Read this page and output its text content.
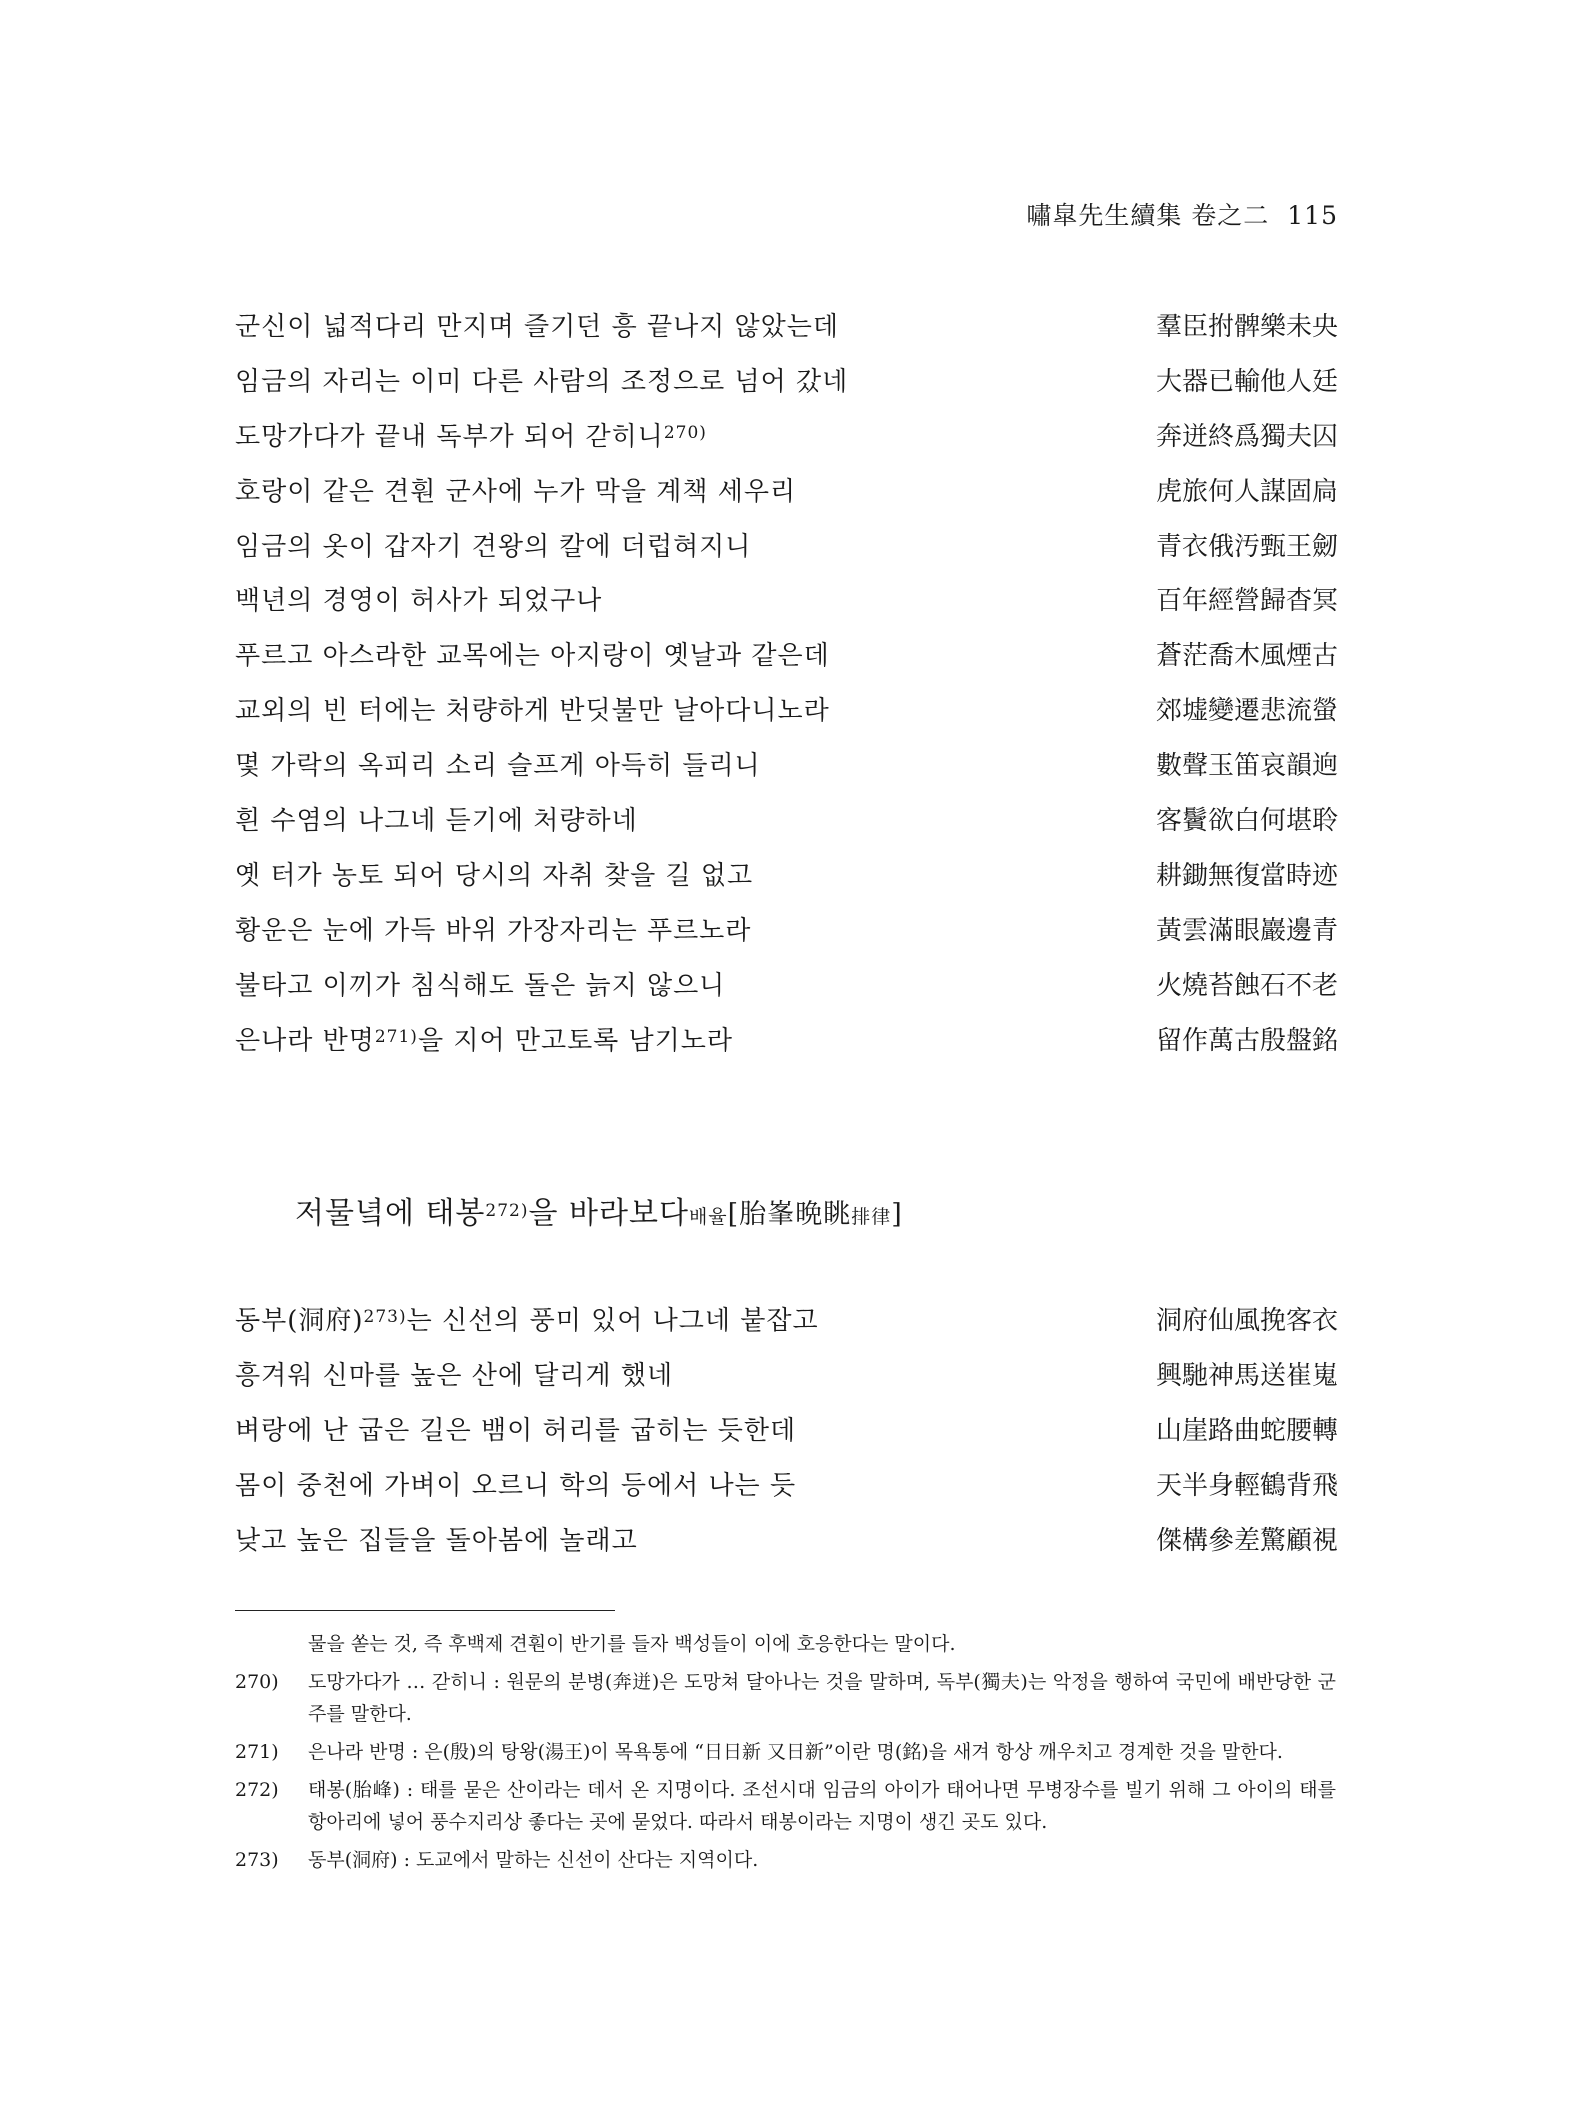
嘯皐先生續集 卷之二 115
군신이 넓적다리 만지며 즐기던 흥 끝나지 않았는데	羣臣拊髀樂未央
임금의 자리는 이미 다른 사람의 조정으로 넘어 갔네	大器已輸他人廷
도망가다가 끝내 독부가 되어 갇히니$^{270)}$	奔迸終爲獨夫囚
호랑이 같은 견훤 군사에 누가 막을 계책 세우리	虎旅何人謀固扃
임금의 옷이 갑자기 견왕의 칼에 더럽혀지니	青衣俄汚甄王劒
백년의 경영이 허사가 되었구나	百年經營歸杳冥
푸르고 아스라한 교목에는 아지랑이 옛날과 같은데	蒼茫喬木風煙古
교외의 빈 터에는 처량하게 반딧불만 날아다니노라	郊墟變遷悲流螢
몇 가락의 옥피리 소리 슬프게 아득히 들리니	數聲玉笛哀韻逈
흰 수염의 나그네 듣기에 처량하네	客鬢欲白何堪聆
옛 터가 농토 되어 당시의 자취 찾을 길 없고	耕鋤無復當時迹
황운은 눈에 가득 바위 가장자리는 푸르노라	黃雲滿眼巖邊青
불타고 이끼가 침식해도 돌은 늙지 않으니	火燒苔蝕石不老
은나라 반명$^{271)}$을 지어 만고토록 남기노라	留作萬古殷盤銘
저물녘에 태봉$^{272)}$을 바라보다배율[胎峯晩眺排律]
동부(洞府)$^{273)}$는 신선의 풍미 있어 나그네 붙잡고	洞府仙風挽客衣
흥겨워 신마를 높은 산에 달리게 했네	興馳神馬送崔嵬
벼랑에 난 굽은 길은 뱀이 허리를 굽히는 듯한데	山崖路曲蛇腰轉
몸이 중천에 가벼이 오르니 학의 등에서 나는 듯	天半身輕鶴背飛
낮고 높은 집들을 돌아봄에 놀래고	傑構參差驚顧視
물을 쏟는 것, 즉 후백제 견훤이 반기를 들자 백성들이 이에 호응한다는 말이다.
270)	도망가다가 … 갇히니 : 원문의 분병(奔迸)은 도망쳐 달아나는 것을 말하며, 독부(獨夫)는 악정을 행하여 국민에 배반당한 군주를 말한다.
271)	은나라 반명 : 은(殷)의 탕왕(湯王)이 목욕통에 “日日新 又日新”이란 명(銘)을 새겨 항상 깨우치고 경계한 것을 말한다.
272)	태봉(胎峰) : 태를 묻은 산이라는 데서 온 지명이다. 조선시대 임금의 아이가 태어나면 무병장수를 빌기 위해 그 아이의 태를 항아리에 넣어 풍수지리상 좋다는 곳에 묻었다. 따라서 태봉이라는 지명이 생긴 곳도 있다.
273)	동부(洞府) : 도교에서 말하는 신선이 산다는 지역이다.
